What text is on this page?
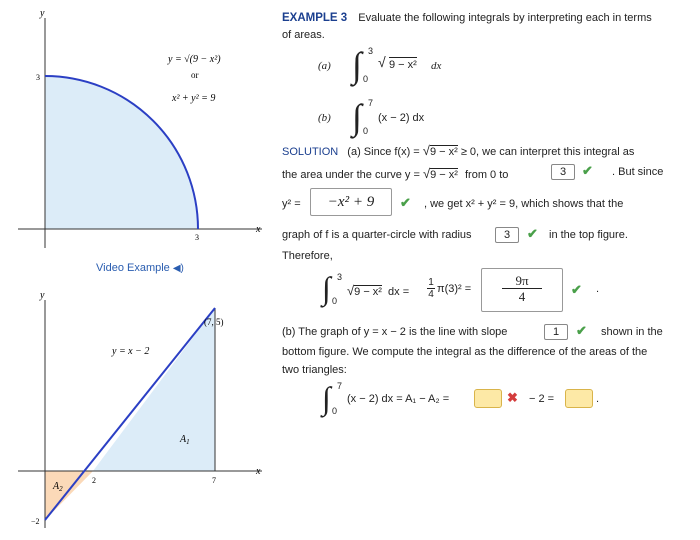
y
x
3
3
y = √(9 − x²)
or
x² + y² = 9
Video Example ◀)
y
x
y = x − 2
(7, 5)
$A_1$
$A_2$
2	7
−2
EXAMPLE 3 Evaluate the following integrals by interpreting each in terms
of areas.
(a) ∫ 3
0
√ 9 − x² dx
(b) ∫ 7
0
(x − 2) dx
SOLUTION (a) Since f(x) = √9 − x² ≥ 0, we can interpret this integral as
the area under the curve y = √9 − x² from 0 to	3	✔ . But since
y² =	−x² + 9	✔ , we get x² + y² = 9, which shows that the
graph of f is a quarter-circle with radius	3	✔ in the top figure.
Therefore,
∫ 3
0
√9 − x² dx = $\frac{1}{4} \pi(3)^2 = \frac{9\pi}{4}$ ✔ .
(b) The graph of y = x − 2 is the line with slope	1	✔ shown in the
bottom figure. We compute the integral as the difference of the areas of the
two triangles:
∫ 7
0
(x − 2) dx = A₁ − A₂ =	✖ − 2 =	.
